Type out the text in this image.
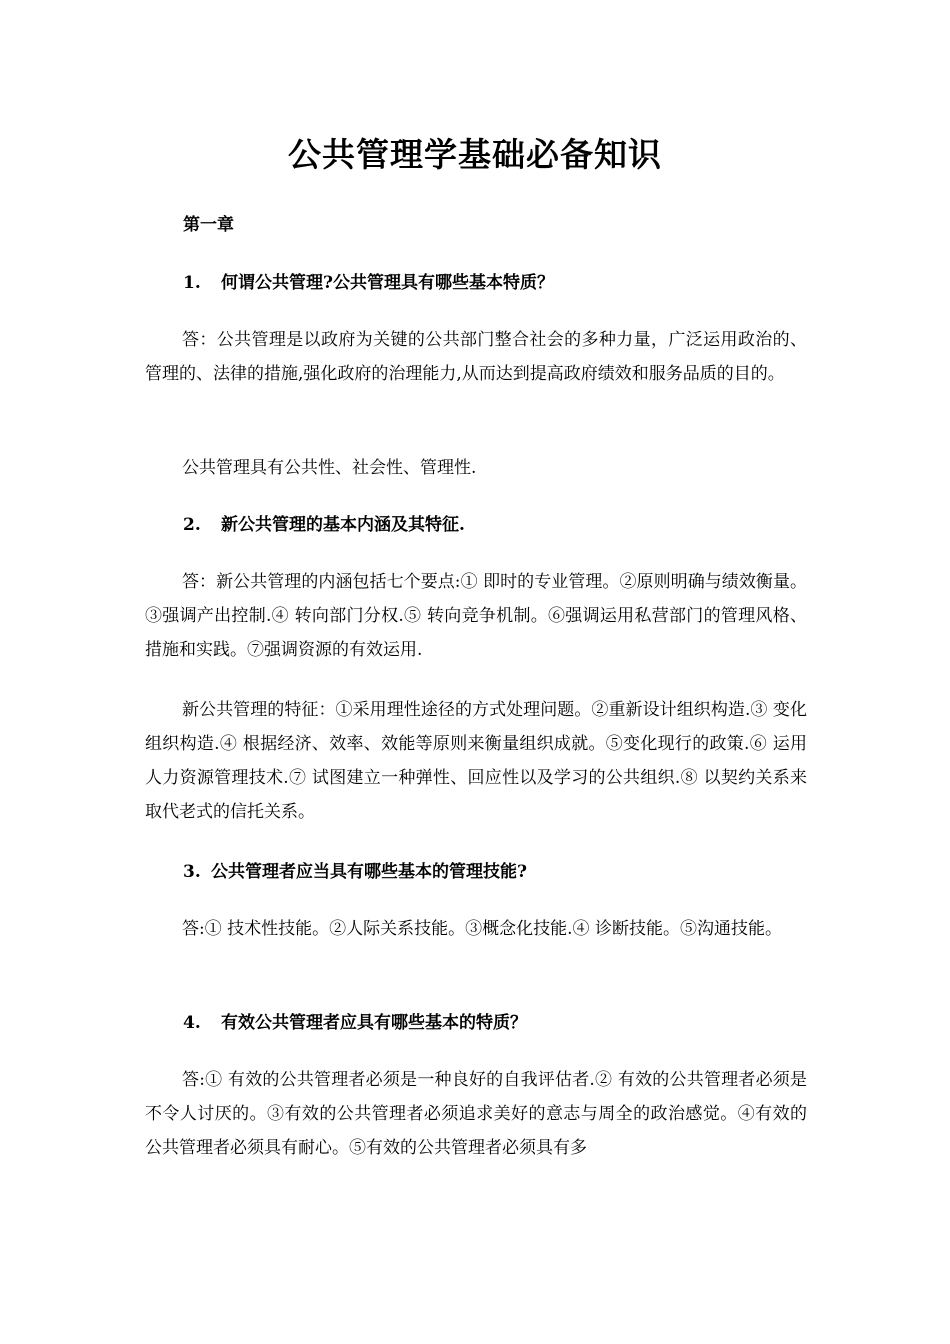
公共管理学基础必备知识
第一章
1. 何谓公共管理?公共管理具有哪些基本特质？

答：公共管理是以政府为关键的公共部门整合社会的多种力量，广泛运用政治的、管理的、法律的措施,强化政府的治理能力,从而达到提高政府绩效和服务品质的目的。

公共管理具有公共性、社会性、管理性.

2. 新公共管理的基本内涵及其特征.

答：新公共管理的内涵包括七个要点:① 即时的专业管理。②原则明确与绩效衡量。③强调产出控制.④ 转向部门分权.⑤ 转向竞争机制。⑥强调运用私营部门的管理风格、措施和实践。⑦强调资源的有效运用.

新公共管理的特征：①采用理性途径的方式处理问题。②重新设计组织构造.③ 变化组织构造.④ 根据经济、效率、效能等原则来衡量组织成就。⑤变化现行的政策.⑥ 运用人力资源管理技术.⑦ 试图建立一种弹性、回应性以及学习的公共组织.⑧ 以契约关系来取代老式的信托关系。

3. 公共管理者应当具有哪些基本的管理技能?

答:① 技术性技能。②人际关系技能。③概念化技能.④ 诊断技能。⑤沟通技能。

4. 有效公共管理者应具有哪些基本的特质？

答:① 有效的公共管理者必须是一种良好的自我评估者.② 有效的公共管理者必须是不令人讨厌的。③有效的公共管理者必须追求美好的意志与周全的政治感觉。④有效的公共管理者必须具有耐心。⑤有效的公共管理者必须具有多
